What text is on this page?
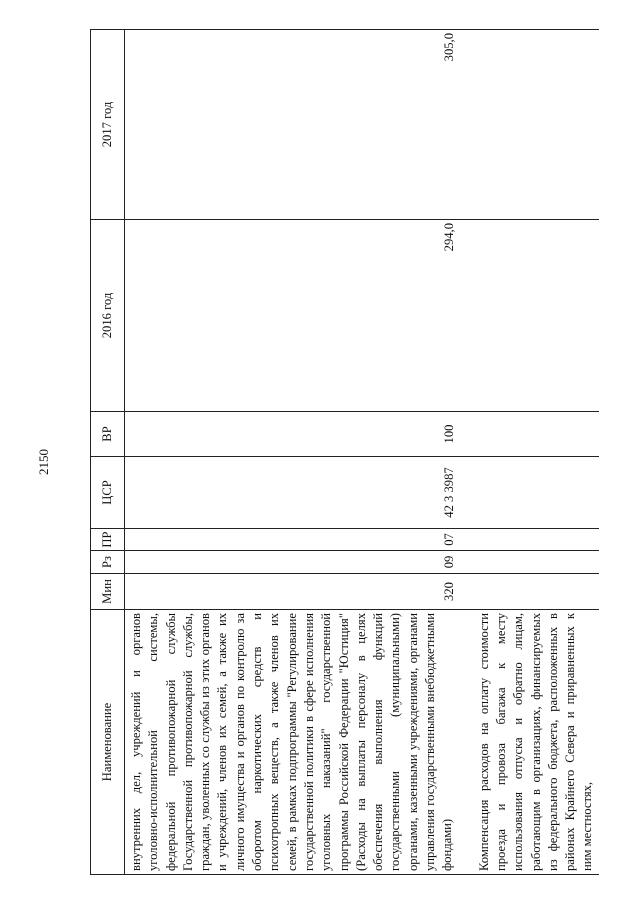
2150
Наименование	Мин	Рз	ПР	ЦСР	ВР	2016 год	2017 год
внутренних дел, учреждений и органов уголовно-исполнительной системы, федеральной противопожарной службы Государственной противопожарной службы, граждан, уволенных со службы из этих органов и учреждений, членов их семей, а также их личного имущества и органов по контролю за оборотом наркотических средств и психотропных веществ, а также членов их семей, в рамках подпрограммы "Регулирование государственной политики в сфере исполнения уголовных наказаний" государственной программы Российской Федерации "Юстиция" (Расходы на выплаты персоналу в целях обеспечения выполнения функций государственными (муниципальными) органами, казенными учреждениями, органами управления государственными внебюджетными фондами)	320	09	07	42 3 3987	100	294,0	305,0

Компенсация расходов на оплату стоимости проезда и провоза багажа к месту использования отпуска и обратно лицам, работающим в организациях, финансируемых из федерального бюджета, расположенных в районах Крайнего Севера и приравненных к ним местностях,							
